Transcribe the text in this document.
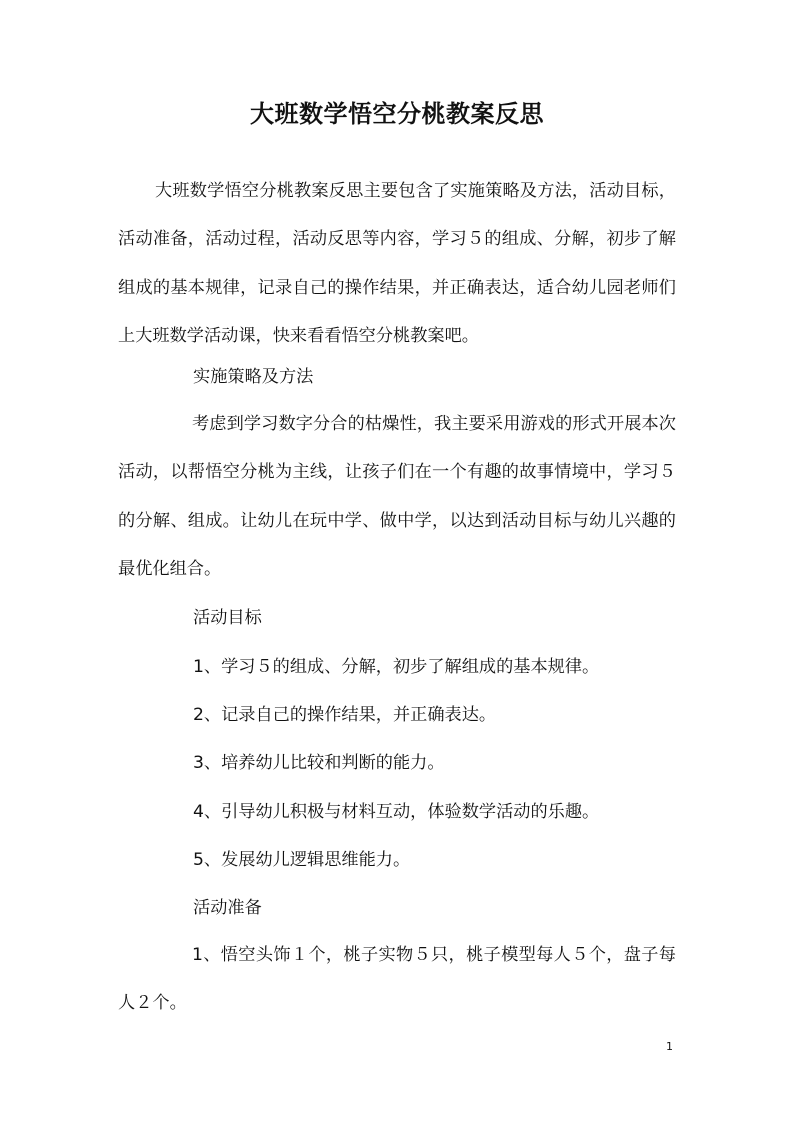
大班数学悟空分桃教案反思

大班数学悟空分桃教案反思主要包含了实施策略及方法，活动目标，活动准备，活动过程，活动反思等内容，学习５的组成、分解，初步了解组成的基本规律，记录自己的操作结果，并正确表达，适合幼儿园老师们上大班数学活动课，快来看看悟空分桃教案吧。

实施策略及方法

考虑到学习数字分合的枯燥性，我主要采用游戏的形式开展本次活动，以帮悟空分桃为主线，让孩子们在一个有趣的故事情境中，学习５的分解、组成。让幼儿在玩中学、做中学，以达到活动目标与幼儿兴趣的最优化组合。

活动目标

1、学习５的组成、分解，初步了解组成的基本规律。

2、记录自己的操作结果，并正确表达。

3、培养幼儿比较和判断的能力。

4、引导幼儿积极与材料互动，体验数学活动的乐趣。

5、发展幼儿逻辑思维能力。

活动准备

1、悟空头饰１个，桃子实物５只，桃子模型每人５个，盘子每人２个。

1
